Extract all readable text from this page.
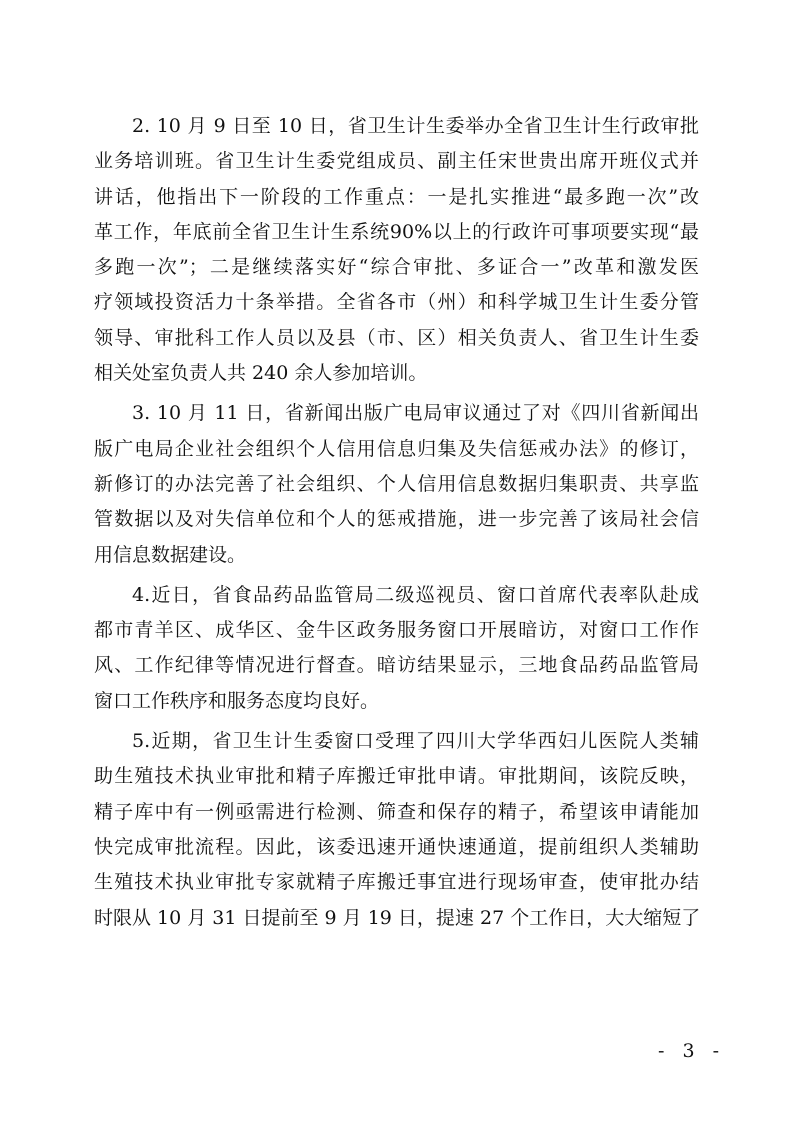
2. 10 月 9 日至 10 日，省卫生计生委举办全省卫生计生行政审批
业务培训班。省卫生计生委党组成员、副主任宋世贵出席开班仪式并
讲话，他指出下一阶段的工作重点：一是扎实推进“最多跑一次”改
革工作，年底前全省卫生计生系统90%以上的行政许可事项要实现“最
多跑一次”；二是继续落实好“综合审批、多证合一”改革和激发医
疗领域投资活力十条举措。全省各市（州）和科学城卫生计生委分管
领导、审批科工作人员以及县（市、区）相关负责人、省卫生计生委
相关处室负责人共 240 余人参加培训。
3. 10 月 11 日，省新闻出版广电局审议通过了对《四川省新闻出
版广电局企业社会组织个人信用信息归集及失信惩戒办法》的修订，
新修订的办法完善了社会组织、个人信用信息数据归集职责、共享监
管数据以及对失信单位和个人的惩戒措施，进一步完善了该局社会信
用信息数据建设。
4.近日，省食品药品监管局二级巡视员、窗口首席代表率队赴成
都市青羊区、成华区、金牛区政务服务窗口开展暗访，对窗口工作作
风、工作纪律等情况进行督查。暗访结果显示，三地食品药品监管局
窗口工作秩序和服务态度均良好。
5.近期，省卫生计生委窗口受理了四川大学华西妇儿医院人类辅
助生殖技术执业审批和精子库搬迁审批申请。审批期间，该院反映，
精子库中有一例亟需进行检测、筛查和保存的精子，希望该申请能加
快完成审批流程。因此，该委迅速开通快速通道，提前组织人类辅助
生殖技术执业审批专家就精子库搬迁事宜进行现场审查，使审批办结
时限从 10 月 31 日提前至 9 月 19 日，提速 27 个工作日，大大缩短了
- 3 -
